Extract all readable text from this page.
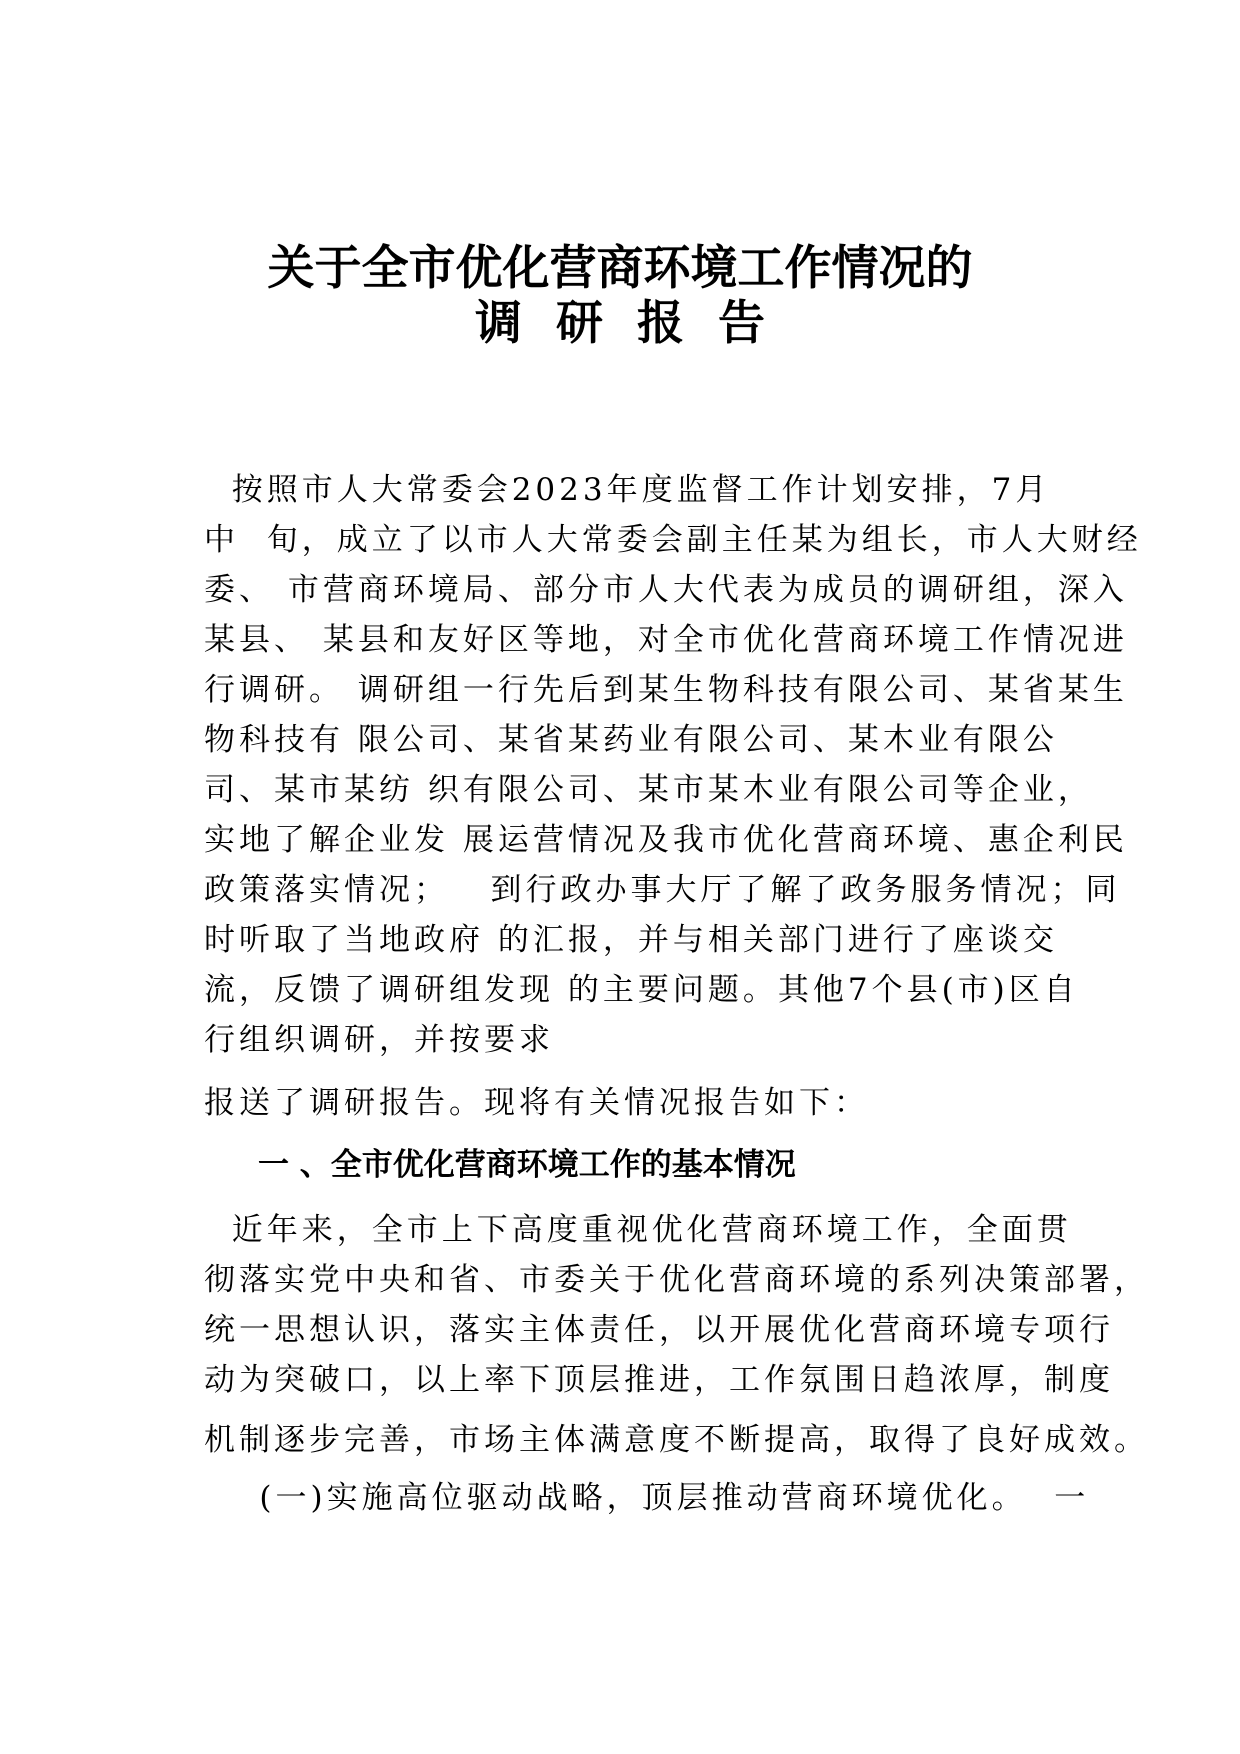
关于全市优化营商环境工作情况的
调研报告

按照市人大常委会2023年度监督工作计划安排，7月

中  旬，成立了以市人大常委会副主任某为组长，市人大财经

委、 市营商环境局、部分市人大代表为成员的调研组，深入

某县、 某县和友好区等地，对全市优化营商环境工作情况进

行调研。 调研组一行先后到某生物科技有限公司、某省某生

物科技有 限公司、某省某药业有限公司、某木业有限公

司、某市某纺 织有限公司、某市某木业有限公司等企业，

实地了解企业发 展运营情况及我市优化营商环境、惠企利民

政策落实情况；   到行政办事大厅了解了政务服务情况；同

时听取了当地政府 的汇报，并与相关部门进行了座谈交

流，反馈了调研组发现 的主要问题。其他7个县(市)区自

行组织调研，并按要求

报送了调研报告。现将有关情况报告如下：

一 、全市优化营商环境工作的基本情况

近年来，全市上下高度重视优化营商环境工作，全面贯

彻落实党中央和省、市委关于优化营商环境的系列决策部署，

统一思想认识，落实主体责任，以开展优化营商环境专项行

动为突破口，以上率下顶层推进，工作氛围日趋浓厚，制度

机制逐步完善，市场主体满意度不断提高，取得了良好成效。

(一)实施高位驱动战略，顶层推动营商环境优化。  一
